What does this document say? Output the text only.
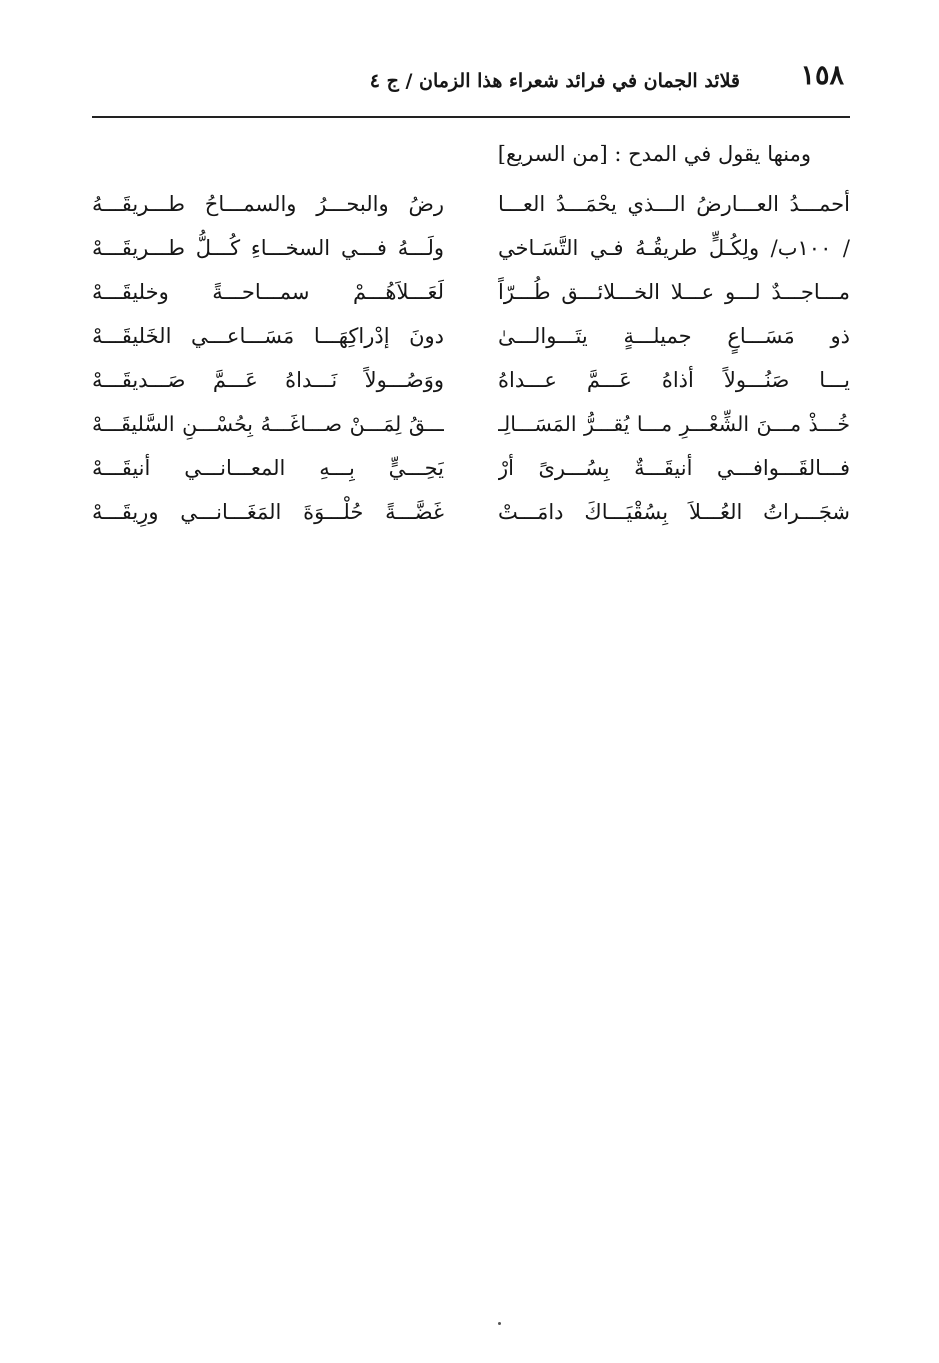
١٥٨
قلائد الجمان في فرائد شعراء هذا الزمان / ج ٤
ومنها يقول في المدح : [من السريع]
أحمـــدُ العـــارضُ الـــذي يحْمَـــدُ العـــا
رضُ والبحـــرُ والسمـــاحُ طـــريقَـــهُ
/ ١٠٠ب/ ولِكُـلٍّ طريقُـهُ فـي التَّسَـاخي
ولَـــهُ فـــي السخـــاءِ كُـــلُّ طـــريقَـــهْ
مـــاجـــدٌ لـــو عـــلا الخـــلائـــق طُـــرّاً
لَعَـــلاَهُـــمْ سمـــاحـــةً وخليقَـــهْ
ذو مَسَـــاعٍ جميلـــةٍ يتَـــوالـــىٰ
دونَ إدْراكِهَـــا مَسَـــاعـــي الخَليقَـــهْ
يـــا صَنُـــولاً أذاهُ عَـــمَّ عـــداهُ
ووَصُـــولاً نَـــداهُ عَـــمَّ صَـــديقَـــهْ
خُـــذْ مـــنَ الشِّعْـــرِ مـــا يُقـــرُّ المَسَـــالِـ
ـــقُ لِمَـــنْ صـــاغَـــهُ بِحُسْـــنِ السَّليقَـــهْ
فـــالقَـــوافـــي أنيقَـــةٌ بِسُـــرىً أرْ
يَحِـــيٍّ بِـــهِ المعـــانـــي أنيقَـــهْ
شجَـــراتُ العُـــلاَ بِسُقْيَـــاكَ دامَـــتْ
غَضَّـــةً حُلْـــوَةَ المَغَـــانـــي ورِيقَـــهْ
